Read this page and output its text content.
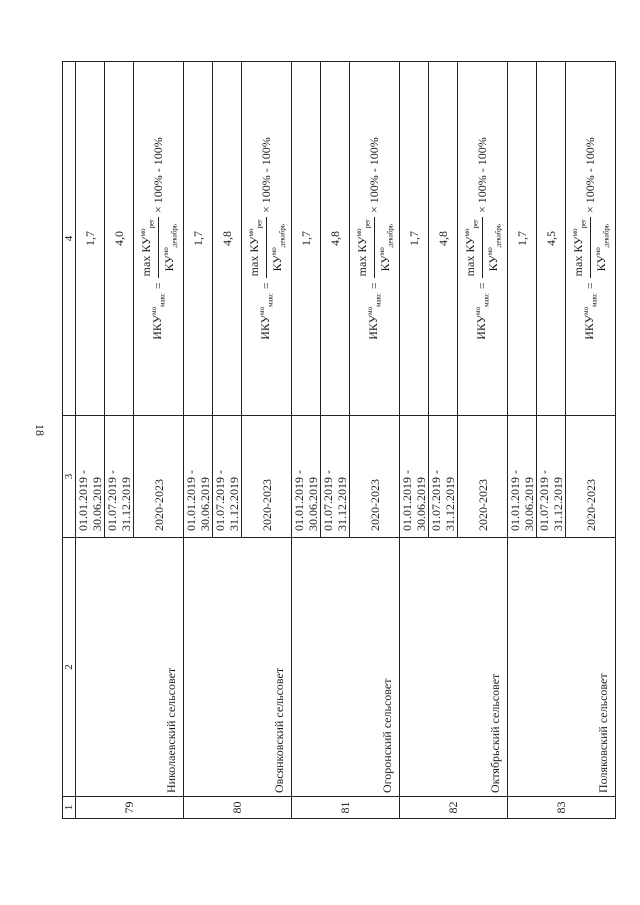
18
1	2	3	4
79	Николаевский сельсовет	01.01.2019 - 30.06.2019	1,7
		01.07.2019 - 31.12.2019	4,0
		2020-2023	$ИКУ^{мо}_{макс}$
=
$\max КУ^{мо}_{рег}$
$КУ^{мо}_{декабрь}$
× 100% - 100%

80	Овсянковский сельсовет	01.01.2019 - 30.06.2019	1,7
		01.07.2019 - 31.12.2019	4,8
		2020-2023	$ИКУ^{мо}_{макс}$
=
$\max КУ^{мо}_{рег}$
$КУ^{мо}_{декабрь}$
× 100% - 100%

81	Огоронский сельсовет	01.01.2019 - 30.06.2019	1,7
		01.07.2019 - 31.12.2019	4,8
		2020-2023	$ИКУ^{мо}_{макс}$
=
$\max КУ^{мо}_{рег}$
$КУ^{мо}_{декабрь}$
× 100% - 100%

82	Октябрьский сельсовет	01.01.2019 - 30.06.2019	1,7
		01.07.2019 - 31.12.2019	4,8
		2020-2023	$ИКУ^{мо}_{макс}$
=
$\max КУ^{мо}_{рег}$
$КУ^{мо}_{декабрь}$
× 100% - 100%

83	Поляковский сельсовет	01.01.2019 - 30.06.2019	1,7
		01.07.2019 - 31.12.2019	4,5
		2020-2023	$ИКУ^{мо}_{макс}$
=
$\max КУ^{мо}_{рег}$
$КУ^{мо}_{декабрь}$
× 100% - 100%
